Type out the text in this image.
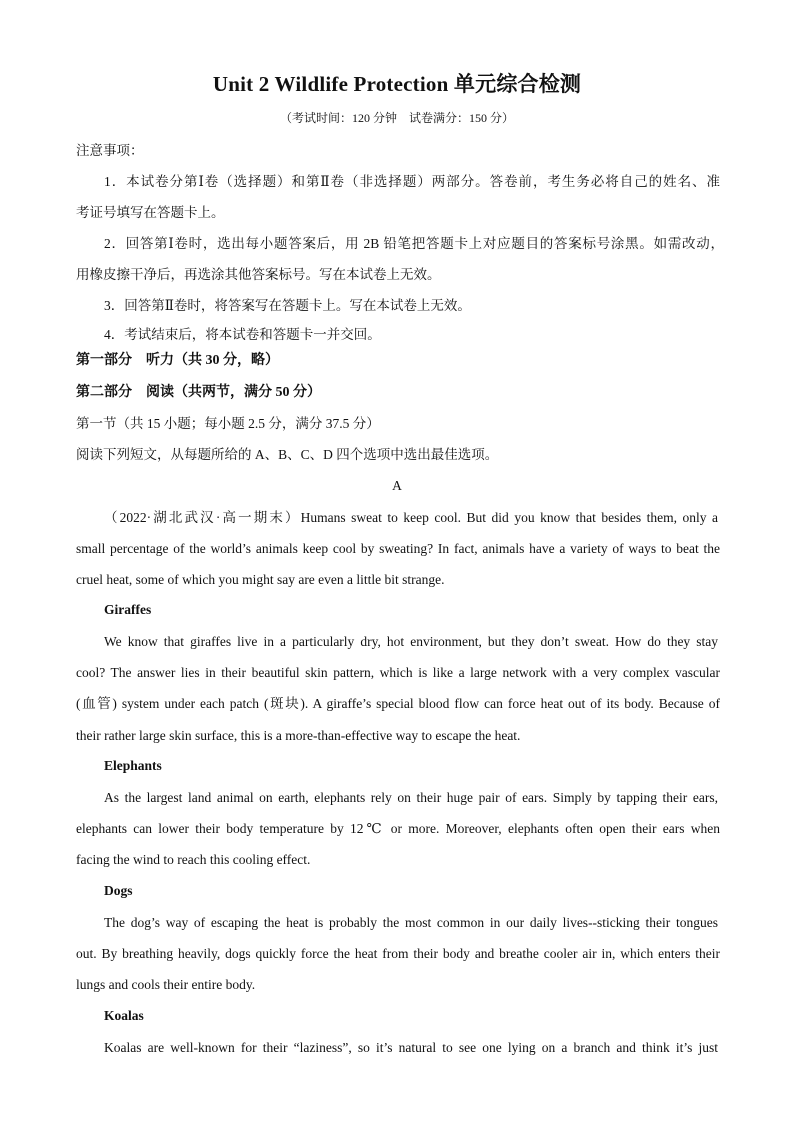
Unit 2 Wildlife Protection 单元综合检测
（考试时间：120 分钟　试卷满分：150 分）
注意事项：
1．本试卷分第Ⅰ卷（选择题）和第Ⅱ卷（非选择题）两部分。答卷前，考生务必将自己的姓名、准
考证号填写在答题卡上。
2．回答第Ⅰ卷时，选出每小题答案后，用 2B 铅笔把答题卡上对应题目的答案标号涂黑。如需改动，
用橡皮擦干净后，再选涂其他答案标号。写在本试卷上无效。
3．回答第Ⅱ卷时，将答案写在答题卡上。写在本试卷上无效。
4．考试结束后，将本试卷和答题卡一并交回。
第一部分　听力（共 30 分，略）
第二部分　阅读（共两节，满分 50 分）
第一节（共 15 小题；每小题 2.5 分，满分 37.5 分）
阅读下列短文，从每题所给的 A、B、C、D 四个选项中选出最佳选项。
A
（2022·湖北武汉·高一期末）Humans sweat to keep cool. But did you know that besides them, only a
small percentage of the world’s animals keep cool by sweating? In fact, animals have a variety of ways to beat the
cruel heat, some of which you might say are even a little bit strange.
Giraffes
We know that giraffes live in a particularly dry, hot environment, but they don’t sweat. How do they stay
cool? The answer lies in their beautiful skin pattern, which is like a large network with a very complex vascular
(血管) system under each patch (斑块). A giraffe’s special blood flow can force heat out of its body. Because of
their rather large skin surface, this is a more-than-effective way to escape the heat.
Elephants
As the largest land animal on earth, elephants rely on their huge pair of ears. Simply by tapping their ears,
elephants can lower their body temperature by 12℃ or more. Moreover, elephants often open their ears when
facing the wind to reach this cooling effect.
Dogs
The dog’s way of escaping the heat is probably the most common in our daily lives--sticking their tongues
out. By breathing heavily, dogs quickly force the heat from their body and breathe cooler air in, which enters their
lungs and cools their entire body.
Koalas
Koalas are well-known for their “laziness”, so it’s natural to see one lying on a branch and think it’s just
